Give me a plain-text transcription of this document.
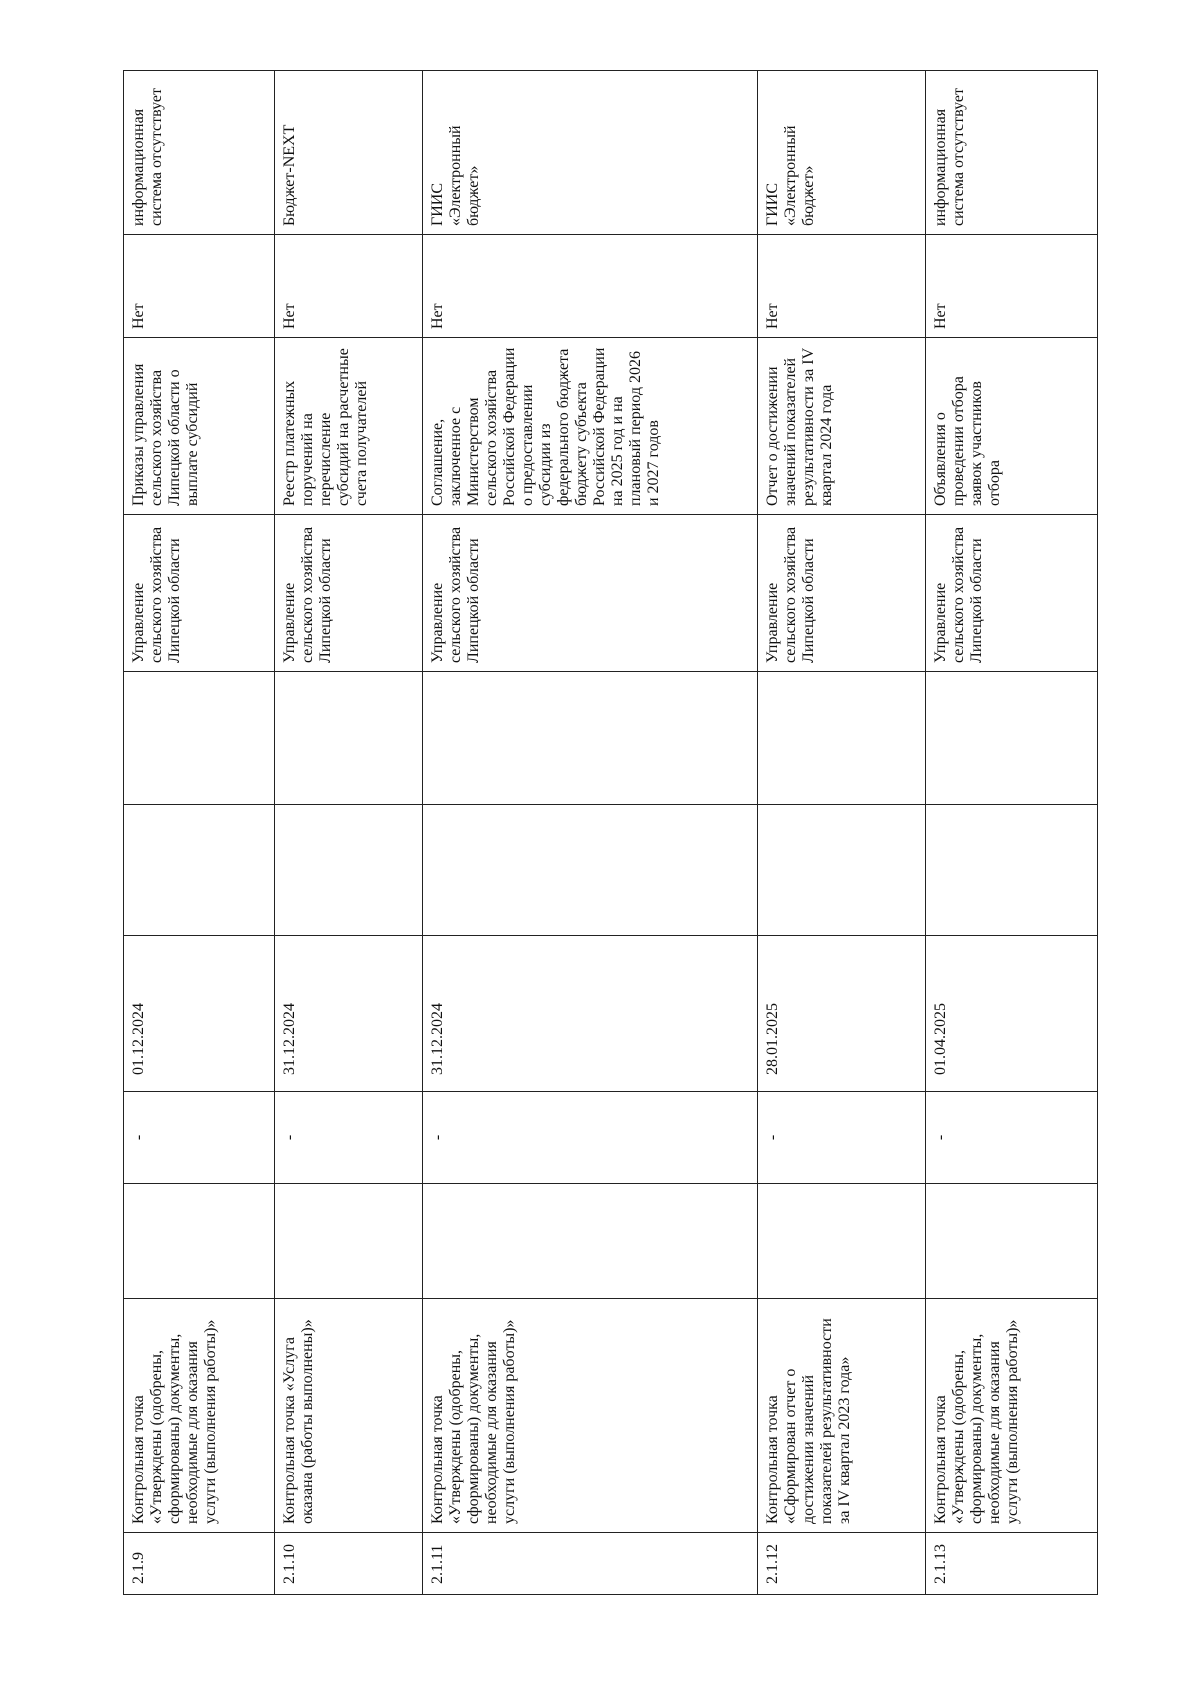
2.1.9	Контрольная точка «Утверждены (одобрены, сформированы) документы, необходимые для оказания услуги (выполнения работы)»		-	01.12.2024			Управление сельского хозяйства Липецкой области	Приказы управления сельского хозяйства Липецкой области о выплате субсидий	Нет	информационная система отсутствует
2.1.10	Контрольная точка «Услуга оказана (работы выполнены)»		-	31.12.2024			Управление сельского хозяйства Липецкой области	Реестр платежных поручений на перечисление субсидий на расчетные счета получателей	Нет	Бюджет-NEXT
2.1.11	Контрольная точка «Утверждены (одобрены, сформированы) документы, необходимые для оказания услуги (выполнения работы)»		-	31.12.2024			Управление сельского хозяйства Липецкой области	Соглашение, заключенное с Министерством сельского хозяйства Российской Федерации о предоставлении субсидии из федерального бюджета бюджету субъекта Российской Федерации на 2025 год и на плановый период 2026 и 2027 годов	Нет	ГИИС «Электронный бюджет»
2.1.12	Контрольная точка «Сформирован отчет о достижении значений показателей результативности за IV квартал 2023 года»		-	28.01.2025			Управление сельского хозяйства Липецкой области	Отчет о достижении значений показателей результативности за IV квартал 2024 года	Нет	ГИИС «Электронный бюджет»
2.1.13	Контрольная точка «Утверждены (одобрены, сформированы) документы, необходимые для оказания услуги (выполнения работы)»		-	01.04.2025			Управление сельского хозяйства Липецкой области	Объявления о проведении отбора заявок участников отбора	Нет	информационная система отсутствует
